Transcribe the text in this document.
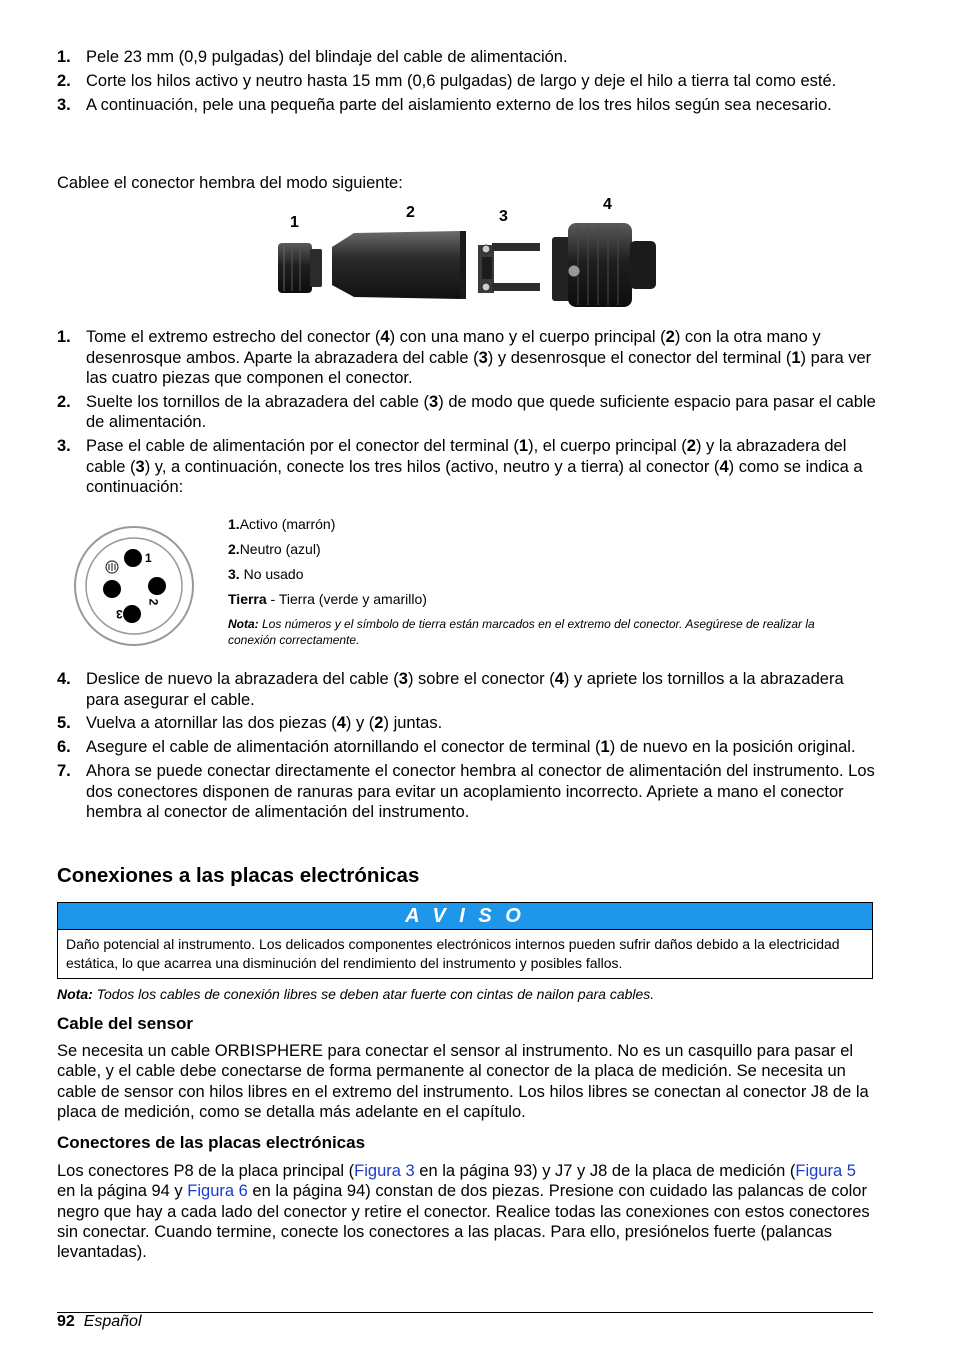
1. Pele 23 mm (0,9 pulgadas) del blindaje del cable de alimentación.
2. Corte los hilos activo y neutro hasta 15 mm (0,6 pulgadas) de largo y deje el hilo a tierra tal como esté.
3. A continuación, pele una pequeña parte del aislamiento externo de los tres hilos según sea necesario.

Cablee el conector hembra del modo siguiente:

1
2	3
4
1. Tome el extremo estrecho del conector (4) con una mano y el cuerpo principal (2) con la otra mano y desenrosque ambos. Aparte la abrazadera del cable (3) y desenrosque el conector del terminal (1) para ver las cuatro piezas que componen el conector.
2. Suelte los tornillos de la abrazadera del cable (3) de modo que quede suficiente espacio para pasar el cable de alimentación.
3. Pase el cable de alimentación por el conector del terminal (1), el cuerpo principal (2) y la abrazadera del cable (3) y, a continuación, conecte los tres hilos (activo, neutro y a tierra) al conector (4) como se indica a continuación:
1
2
3
1.Activo (marrón)
2.Neutro (azul)
3. No usado
Tierra - Tierra (verde y amarillo)
Nota: Los números y el símbolo de tierra están marcados en el extremo del conector. Asegúrese de realizar la conexión correctamente.
4. Deslice de nuevo la abrazadera del cable (3) sobre el conector (4) y apriete los tornillos a la abrazadera para asegurar el cable.
5. Vuelva a atornillar las dos piezas (4) y (2) juntas.
6. Asegure el cable de alimentación atornillando el conector de terminal (1) de nuevo en la posición original.
7. Ahora se puede conectar directamente el conector hembra al conector de alimentación del instrumento. Los dos conectores disponen de ranuras para evitar un acoplamiento incorrecto. Apriete a mano el conector hembra al conector de alimentación del instrumento.
Conexiones a las placas electrónicas
A V I S O
Daño potencial al instrumento. Los delicados componentes electrónicos internos pueden sufrir daños debido a la electricidad estática, lo que acarrea una disminución del rendimiento del instrumento y posibles fallos.
Nota: Todos los cables de conexión libres se deben atar fuerte con cintas de nailon para cables.
Cable del sensor

Se necesita un cable ORBISPHERE para conectar el sensor al instrumento. No es un casquillo para pasar el cable, y el cable debe conectarse de forma permanente al conector de la placa de medición. Se necesita un cable de sensor con hilos libres en el extremo del instrumento. Los hilos libres se conectan al conector J8 de la placa de medición, como se detalla más adelante en el capítulo.

Conectores de las placas electrónicas

Los conectores P8 de la placa principal (Figura 3 en la página 93) y J7 y J8 de la placa de medición (Figura 5 en la página 94 y Figura 6 en la página 94) constan de dos piezas. Presione con cuidado las palancas de color negro que hay a cada lado del conector y retire el conector. Realice todas las conexiones con estos conectores sin conectar. Cuando termine, conecte los conectores a las placas. Para ello, presiónelos fuerte (palancas levantadas).

92 Español
